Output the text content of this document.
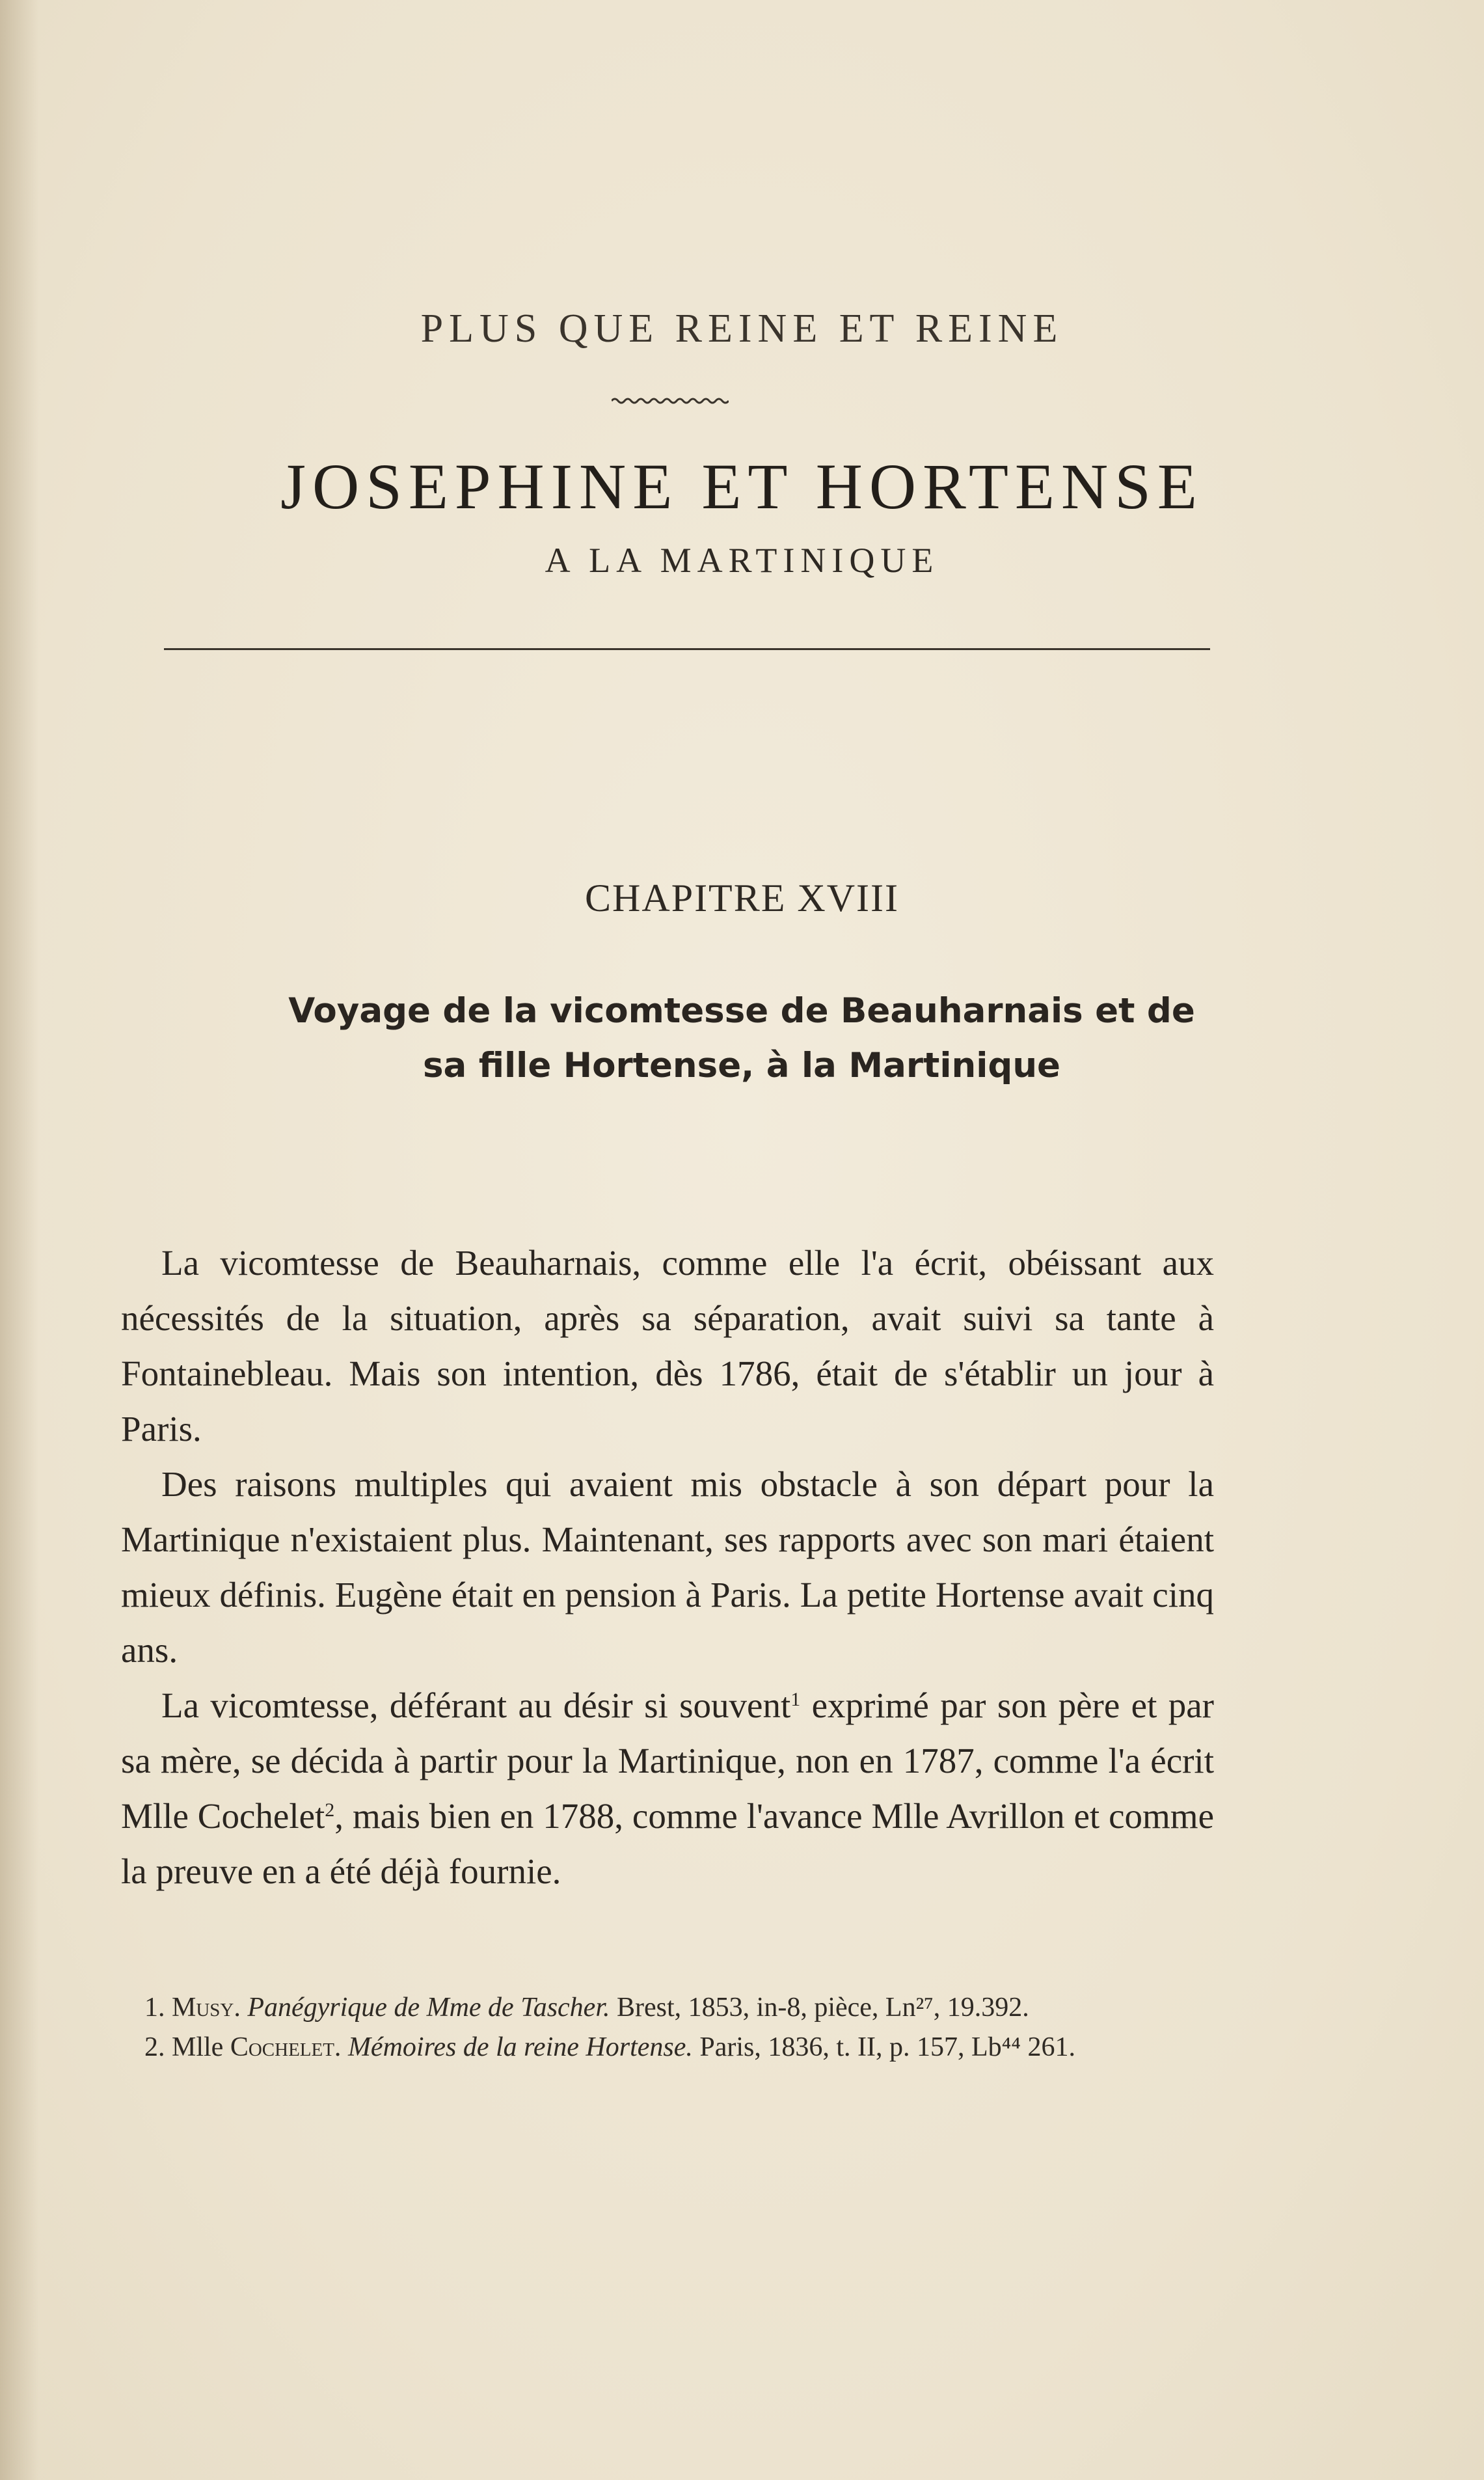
PLUS QUE REINE ET REINE
JOSEPHINE ET HORTENSE
A LA MARTINIQUE
CHAPITRE XVIII
Voyage de la vicomtesse de Beauharnais et de
sa fille Hortense, à la Martinique

La vicomtesse de Beauharnais, comme elle l'a écrit, obéissant aux nécessités de la situation, après sa séparation, avait suivi sa tante à Fontainebleau. Mais son intention, dès 1786, était de s'établir un jour à Paris.

Des raisons multiples qui avaient mis obstacle à son départ pour la Martinique n'existaient plus. Maintenant, ses rapports avec son mari étaient mieux définis. Eugène était en pension à Paris. La petite Hortense avait cinq ans.

La vicomtesse, déférant au désir si souvent$^1$ exprimé par son père et par sa mère, se décida à partir pour la Martinique, non en 1787, comme l'a écrit Mlle Cochelet$^2$, mais bien en 1788, comme l'avance Mlle Avrillon et comme la preuve en a été déjà fournie.

1. Musy. Panégyrique de Mme de Tascher. Brest, 1853, in-8, pièce, Ln²⁷, 19.392.

2. Mlle Cochelet. Mémoires de la reine Hortense. Paris, 1836, t. II, p. 157, Lb⁴⁴ 261.
